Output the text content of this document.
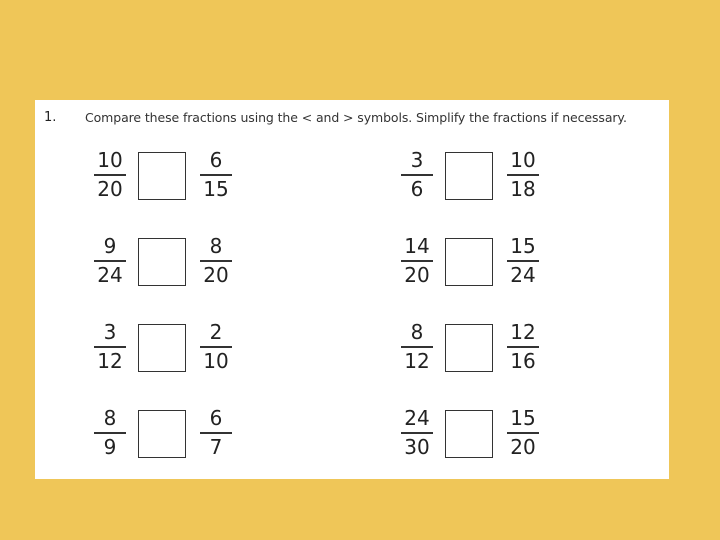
1. Compare these fractions using the < and > symbols. Simplify the fractions if necessary.
10
20
6
15
3
6
10
18
9
24
8
20
14
20
15
24
3
12
2
10
8
12
12
16
8
9
6
7
24
30
15
20
